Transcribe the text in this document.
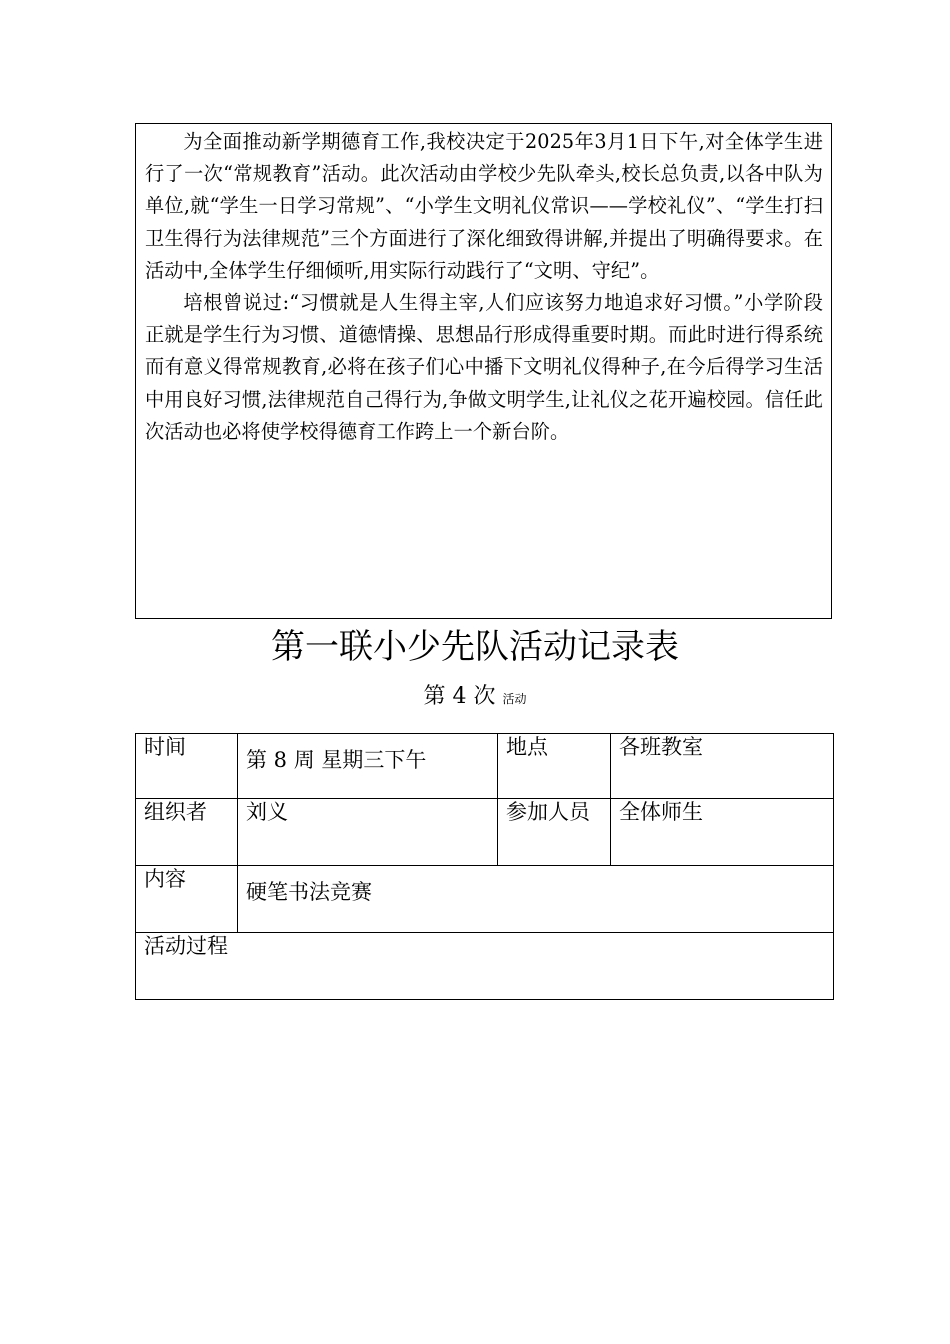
为全面推动新学期德育工作,我校决定于2025年3月1日下午,对全体学生进行了一次“常规教育”活动。此次活动由学校少先队牵头,校长总负责,以各中队为单位,就“学生一日学习常规”、“小学生文明礼仪常识——学校礼仪”、“学生打扫卫生得行为法律规范”三个方面进行了深化细致得讲解,并提出了明确得要求。在活动中,全体学生仔细倾听,用实际行动践行了“文明、守纪”。

培根曾说过:“习惯就是人生得主宰,人们应该努力地追求好习惯。”小学阶段正就是学生行为习惯、道德情操、思想品行形成得重要时期。而此时进行得系统而有意义得常规教育,必将在孩子们心中播下文明礼仪得种子,在今后得学习生活中用良好习惯,法律规范自己得行为,争做文明学生,让礼仪之花开遍校园。信任此次活动也必将使学校得德育工作跨上一个新台阶。

第一联小少先队活动记录表
第 4 次 活动
时间	第 8 周 星期三下午	地点	各班教室

组织者	刘义	参加人员	全体师生

内容	硬笔书法竞赛		

活动过程			
